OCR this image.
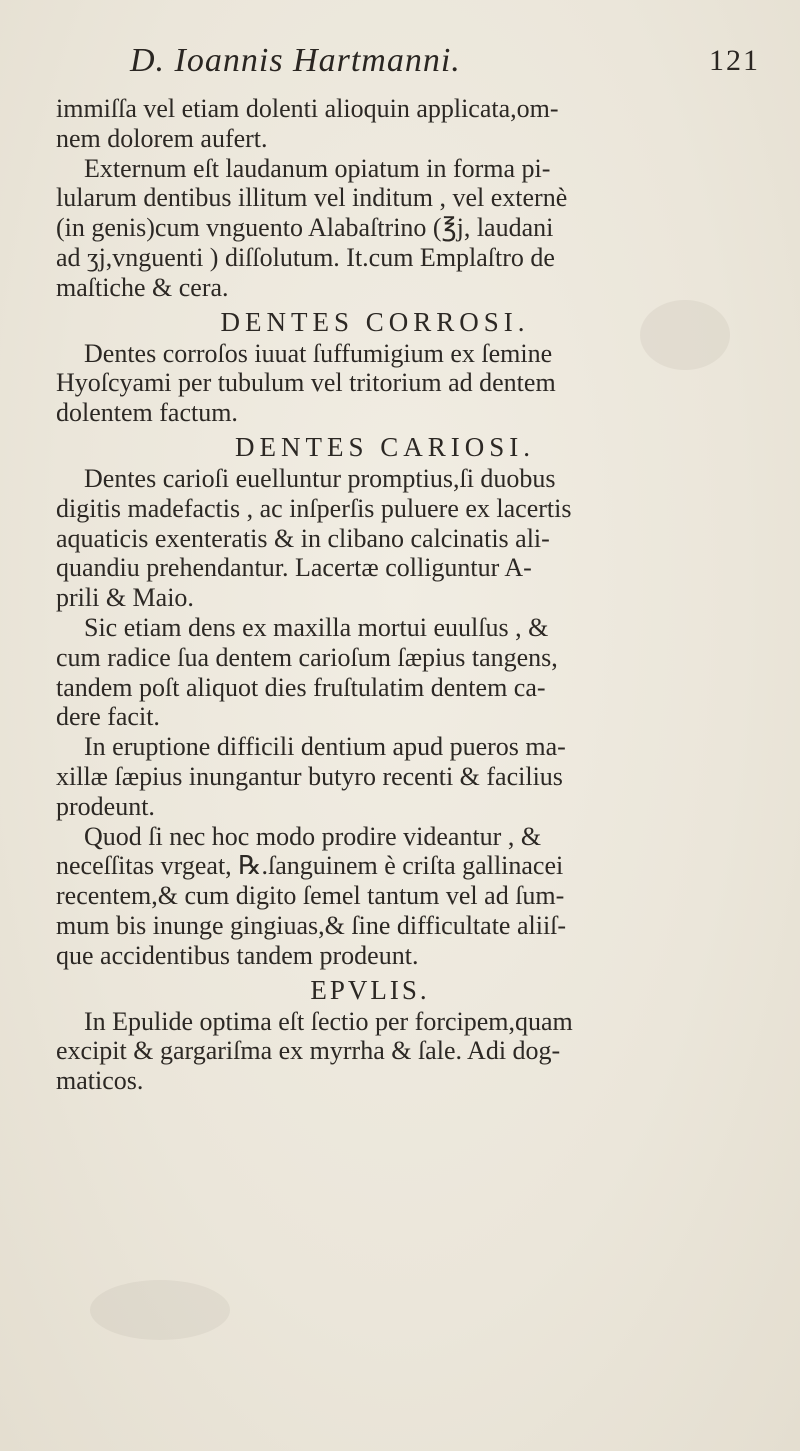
D. Ioannis Hartmanni.	121
immiſſa vel etiam dolenti alioquin applicata,om-
nem dolorem aufert.
Externum eſt laudanum opiatum in forma pi-
lularum dentibus illitum vel inditum , vel externè
(in genis)cum vnguento Alabaſtrino (℥j, laudani
ad ʒj,vnguenti ) diſſolutum. It.cum Emplaſtro de
maſtiche & cera.
DENTES CORROSI.
Dentes corroſos iuuat ſuffumigium ex ſemine
Hyoſcyami per tubulum vel tritorium ad dentem
dolentem factum.
DENTES CARIOSI.
Dentes carioſi euelluntur promptius,ſi duobus
digitis madefactis , ac inſperſis puluere ex lacertis
aquaticis exenteratis & in clibano calcinatis ali-
quandiu prehendantur. Lacertæ colliguntur A-
prili & Maio.
Sic etiam dens ex maxilla mortui euulſus , &
cum radice ſua dentem carioſum ſæpius tangens,
tandem poſt aliquot dies fruſtulatim dentem ca-
dere facit.
In eruptione difficili dentium apud pueros ma-
xillæ ſæpius inungantur butyro recenti & facilius
prodeunt.
Quod ſi nec hoc modo prodire videantur , &
neceſſitas vrgeat, ℞.ſanguinem è criſta gallinacei
recentem,& cum digito ſemel tantum vel ad ſum-
mum bis inunge gingiuas,& ſine difficultate aliiſ-
que accidentibus tandem prodeunt.
EPVLIS.
In Epulide optima eſt ſectio per forcipem,quam
excipit & gargariſma ex myrrha & ſale. Adi dog-
maticos.
